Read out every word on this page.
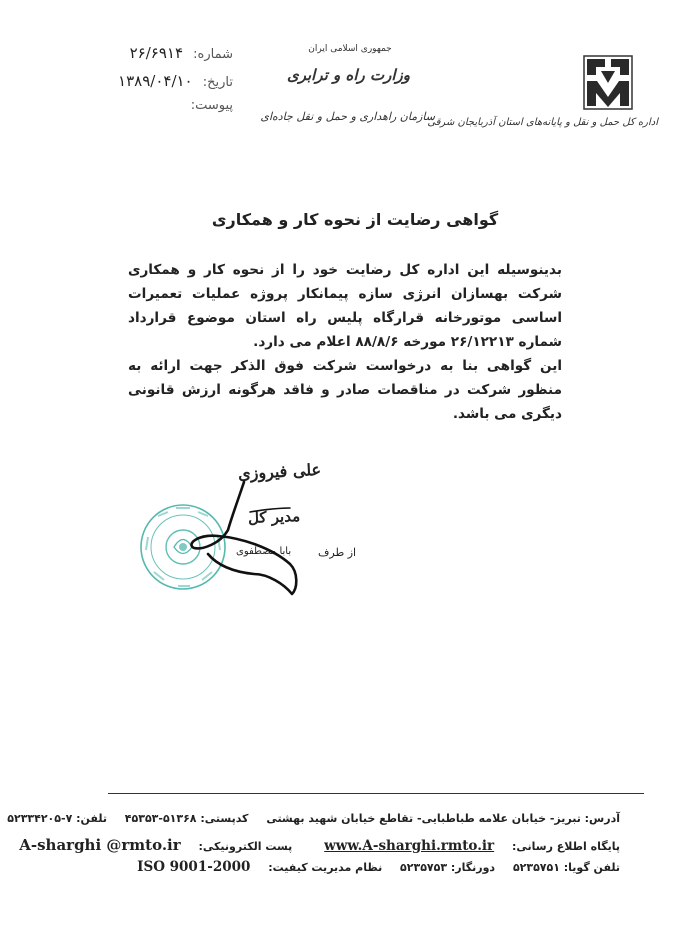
شماره: ۲۶/۶۹۱۴
تاریخ: ۱۳۸۹/۰۴/۱۰
پیوست:
جمهوری اسلامی ایران
وزارت راه و ترابری
سازمان راهداری و حمل و نقل جاده‌ای
اداره کل حمل و نقل و پایانه‌های استان آذربایجان شرقی
گواهی رضایت از نحوه کار و همکاری

بدینوسیله این اداره کل رضایت خود را از نحوه کار و همکاری شرکت بهسازان انرژی سازه پیمانکار پروژه عملیات تعمیرات اساسی موتورخانه قرارگاه پلیس راه استان موضوع قرارداد شماره ۲۶/۱۲۲۱۳ مورخه ۸۸/۸/۶ اعلام می دارد.

این گواهی بنا به درخواست شرکت فوق الذکر جهت ارائه به منظور شرکت در مناقصات صادر و فاقد هرگونه ارزش قانونی دیگری می باشد.

علی فیروزی
مدیر کل
بابا مصطفوی از طرف
آدرس: تبریز- خیابان علامه طباطبایی- تقاطع خیابان شهید بهشتی کدپستی: ۵۱۳۶۸-۴۵۳۵۳ تلفن: ۷-۵۲۳۳۴۲۰۵
پایگاه اطلاع رسانی: www.A-sharghi.rmto.ir پست الکترونیکی: A-sharghi @rmto.ir
تلفن گویا: ۵۲۳۵۷۵۱ دورنگار: ۵۲۳۵۷۵۳ نظام مدیریت کیفیت: ISO 9001-2000
